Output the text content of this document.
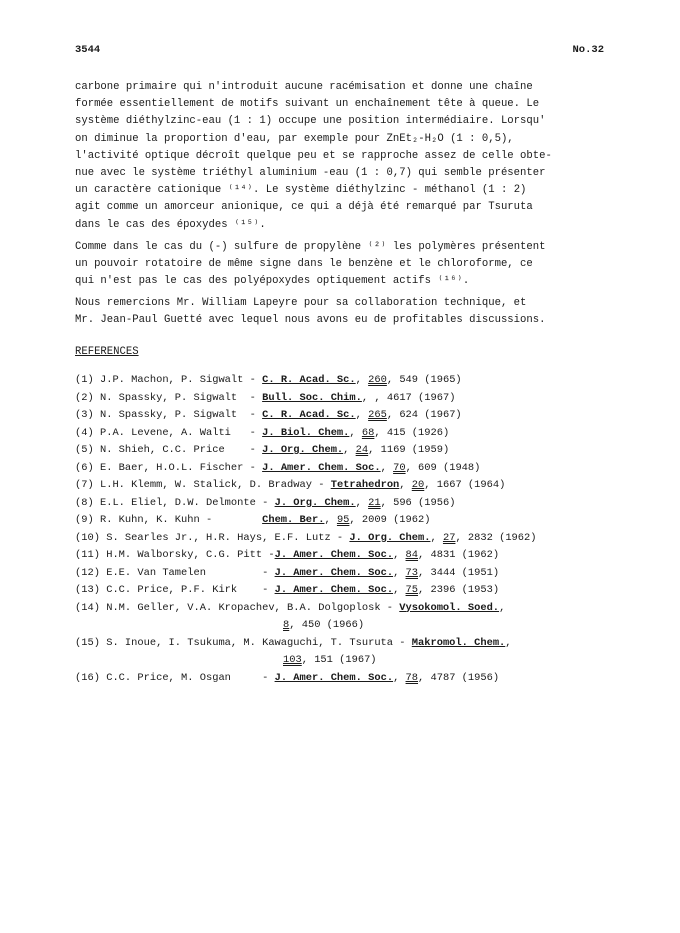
3544	No.32
carbone primaire qui n'introduit aucune racémisation et donne une chaîne
formée essentiellement de motifs suivant un enchaînement tête à queue. Le
système diéthylzinc-eau (1 : 1) occupe une position intermédiaire. Lorsqu'
on diminue la proportion d'eau, par exemple pour ZnEt₂-H₂O (1 : 0,5),
l'activité optique décroît quelque peu et se rapproche assez de celle obte-
nue avec le système triéthyl aluminium -eau (1 : 0,7) qui semble présenter
un caractère cationique ⁽¹⁴⁾. Le système diéthylzinc - méthanol (1 : 2)
agit comme un amorceur anionique, ce qui a déjà été remarqué par Tsuruta
dans le cas des époxydes ⁽¹⁵⁾.
Comme dans le cas du (-) sulfure de propylène ⁽²⁾ les polymères présentent
un pouvoir rotatoire de même signe dans le benzène et le chloroforme, ce
qui n'est pas le cas des polyépoxydes optiquement actifs ⁽¹⁶⁾.
Nous remercions Mr. William Lapeyre pour sa collaboration technique, et
Mr. Jean-Paul Guetté avec lequel nous avons eu de profitables discussions.
REFERENCES
(1) J.P. Machon, P. Sigwalt - C. R. Acad. Sc., 260, 549 (1965)
(2) N. Spassky, P. Sigwalt  - Bull. Soc. Chim., , 4617 (1967)
(3) N. Spassky, P. Sigwalt  - C. R. Acad. Sc., 265, 624 (1967)
(4) P.A. Levene, A. Walti   - J. Biol. Chem., 68, 415 (1926)
(5) N. Shieh, C.C. Price    - J. Org. Chem., 24, 1169 (1959)
(6) E. Baer, H.O.L. Fischer - J. Amer. Chem. Soc., 70, 609 (1948)
(7) L.H. Klemm, W. Stalick, D. Bradway - Tetrahedron, 20, 1667 (1964)
(8) E.L. Eliel, D.W. Delmonte - J. Org. Chem., 21, 596 (1956)
(9) R. Kuhn, K. Kuhn -        Chem. Ber., 95, 2009 (1962)
(10) S. Searles Jr., H.R. Hays, E.F. Lutz - J. Org. Chem., 27, 2832 (1962)
(11) H.M. Walborsky, C.G. Pitt -J. Amer. Chem. Soc., 84, 4831 (1962)
(12) E.E. Van Tamelen         - J. Amer. Chem. Soc., 73, 3444 (1951)
(13) C.C. Price, P.F. Kirk    - J. Amer. Chem. Soc., 75, 2396 (1953)
(14) N.M. Geller, V.A. Kropachev, B.A. Dolgoplosk - Vysokomol. Soed.,
8, 450 (1966)
(15) S. Inoue, I. Tsukuma, M. Kawaguchi, T. Tsuruta - Makromol. Chem.,
103, 151 (1967)
(16) C.C. Price, M. Osgan     - J. Amer. Chem. Soc., 78, 4787 (1956)
